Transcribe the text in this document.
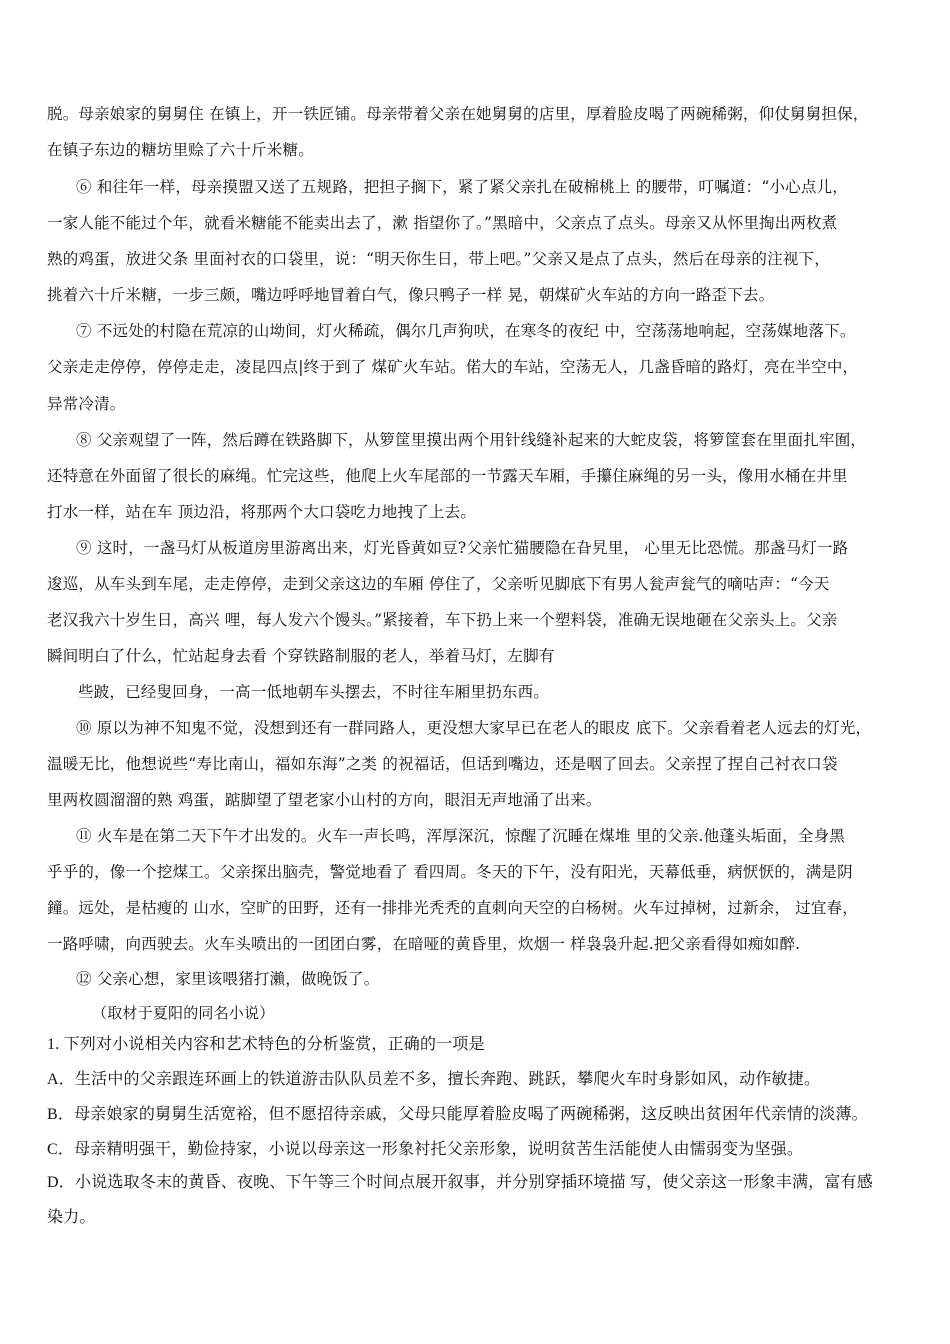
脱。母亲娘家的舅舅住 在镇上，开一铁匠铺。母亲带着父亲在她舅舅的店里，厚着脸皮喝了两碗稀粥，仰仗舅舅担保，
在镇子东边的糖坊里赊了六十斤米糖。
⑥ 和往年一样，母亲摸盟又送了五规路，把担子搁下，紧了紧父亲扎在破棉桃上 的腰带，叮嘱道：“小心点儿，
一家人能不能过个年，就看米糖能不能卖出去了，漱 指望你了。”黑暗中，父亲点了点头。母亲又从怀里掏出两枚煮
熟的鸡蛋，放进父条 里面衬衣的口袋里，说：“明天你生日，带上吧。”父亲又是点了点头，然后在母亲的注视下，
挑着六十斤米糖，一步三颇，嘴边呼呼地冒着白气，像只鸭子一样 晃，朝煤矿火车站的方向一路歪下去。
⑦ 不远处的村隐在荒凉的山坳间，灯火稀疏，偶尔几声狗吠，在寒冬的夜纪 中，空荡荡地响起，空荡媒地落下。
父亲走走停停，停停走走，凌昆四点|终于到了 煤矿火车站。偌大的车站，空荡无人，几盏昏暗的路灯，亮在半空中，
异常冷清。
⑧ 父亲观望了一阵，然后蹲在铁路脚下，从箩筐里摸出两个用针线缝补起来的大蛇皮袋，将箩筐套在里面扎牢囿，
还特意在外面留了很长的麻绳。忙完这些，他爬上火车尾部的一节露天车厢，手攥住麻绳的另一头，像用水桶在井里
打水一样，站在车 顶边沿，将那两个大口袋吃力地拽了上去。
⑨ 这时，一盏马灯从板道房里游离出来，灯光昏黄如豆?父亲忙猫腰隐在旮旯里， 心里无比恐慌。那盏马灯一路
逡巡，从车头到车尾，走走停停，走到父亲这边的车厢 停住了，父亲听见脚底下有男人瓮声瓮气的嘀咕声：“今天
老汉我六十岁生日，高兴 哩，每人发六个馒头。”紧接着，车下扔上来一个塑料袋，准确无误地砸在父亲头上。父亲
瞬间明白了什么，忙站起身去看 个穿铁路制服的老人，举着马灯，左脚有
些跛，已经叟回身，一高一低地朝车头摆去，不时往车厢里扔东西。
⑩ 原以为神不知鬼不觉，没想到还有一群同路人，更没想大家早已在老人的眼皮 底下。父亲看着老人远去的灯光，
温暖无比，他想说些“寿比南山，福如东海”之类 的祝福话，但话到嘴边，还是咽了回去。父亲捏了捏自己衬衣口袋
里两枚圆溜溜的熟 鸡蛋，踮脚望了望老家小山村的方向，眼泪无声地涌了出来。
⑪ 火车是在第二天下午才出发的。火车一声长鸣，浑厚深沉，惊醒了沉睡在煤堆 里的父亲.他蓬头垢面，全身黑
乎乎的，像一个挖煤工。父亲探出脑壳，警觉地看了 看四周。冬天的下午，没有阳光，天幕低垂，病恹恹的，满是阴
鐘。远处，是枯瘦的 山水，空旷的田野，还有一排排光秃秃的直刺向天空的白杨树。火车过掉树，过新余， 过宜春，
一路呼啸，向西驶去。火车头喷出的一团团白雾，在暗哑的黄昏里，炊烟一 样袅袅升起.把父亲看得如痴如醉.
⑫ 父亲心想，家里该喂猪打瀨，做晚饭了。
（取材于夏阳的同名小说）
1. 下列对小说相关内容和艺术特色的分析鉴赏，正确的一项是
A．生活中的父亲跟连环画上的铁道游击队队员差不多，擅长奔跑、跳跃，攀爬火车时身影如风，动作敏捷。
B．母亲娘家的舅舅生活宽裕，但不愿招待亲戚，父母只能厚着脸皮喝了两碗稀粥，这反映出贫困年代亲情的淡薄。
C．母亲精明强干，勤俭持家，小说以母亲这一形象衬托父亲形象，说明贫苦生活能使人由懦弱变为坚强。
D．小说选取冬末的黄昏、夜晚、下午等三个时间点展开叙事，并分别穿插环境描 写，使父亲这一形象丰满，富有感
染力。
